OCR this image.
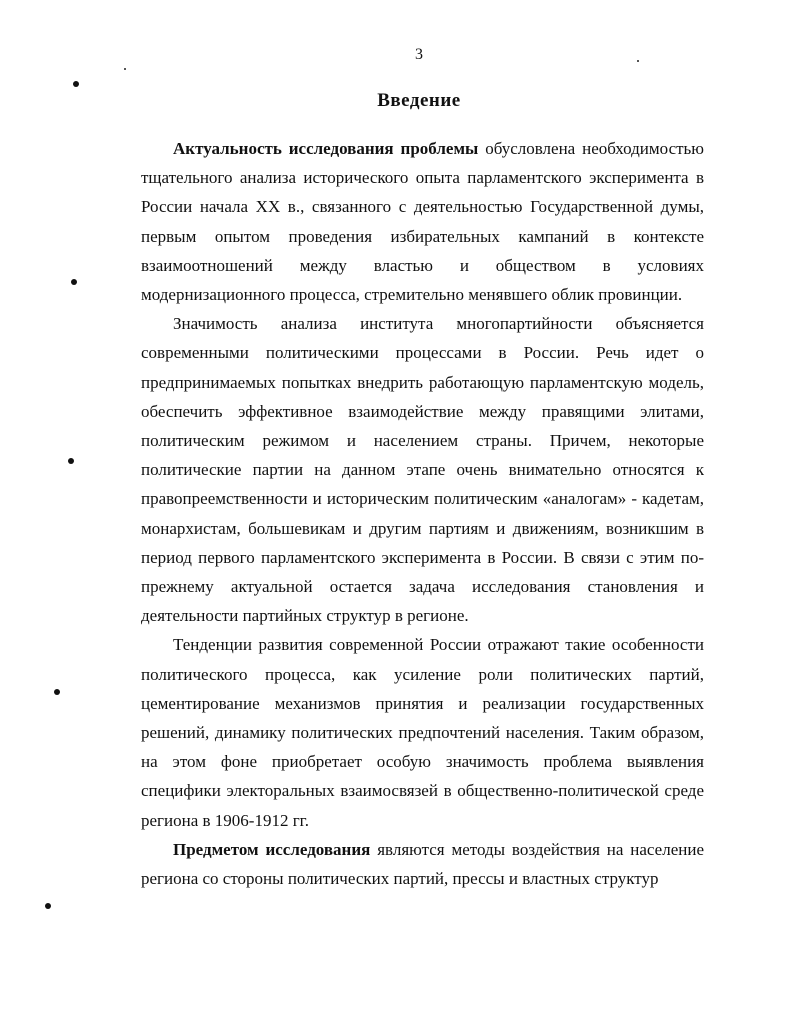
3
Введение

Актуальность исследования проблемы обусловлена необходимостью тщательного анализа исторического опыта парламентского эксперимента в России начала XX в., связанного с деятельностью Государственной думы, первым опытом проведения избирательных кампаний в контексте взаимоотношений между властью и обществом в условиях модернизационного процесса, стремительно менявшего облик провинции.

Значимость анализа института многопартийности объясняется современными политическими процессами в России. Речь идет о предпринимаемых попытках внедрить работающую парламентскую модель, обеспечить эффективное взаимодействие между правящими элитами, политическим режимом и населением страны. Причем, некоторые политические партии на данном этапе очень внимательно относятся к правопреемственности и историческим политическим «аналогам» - кадетам, монархистам, большевикам и другим партиям и движениям, возникшим в период первого парламентского эксперимента в России. В связи с этим по-прежнему актуальной остается задача исследования становления и деятельности партийных структур в регионе.

Тенденции развития современной России отражают такие особенности политического процесса, как усиление роли политических партий, цементирование механизмов принятия и реализации государственных решений, динамику политических предпочтений населения. Таким образом, на этом фоне приобретает особую значимость проблема выявления специфики электоральных взаимосвязей в общественно-политической среде региона в 1906-1912 гг.

Предметом исследования являются методы воздействия на население региона со стороны политических партий, прессы и властных структур
